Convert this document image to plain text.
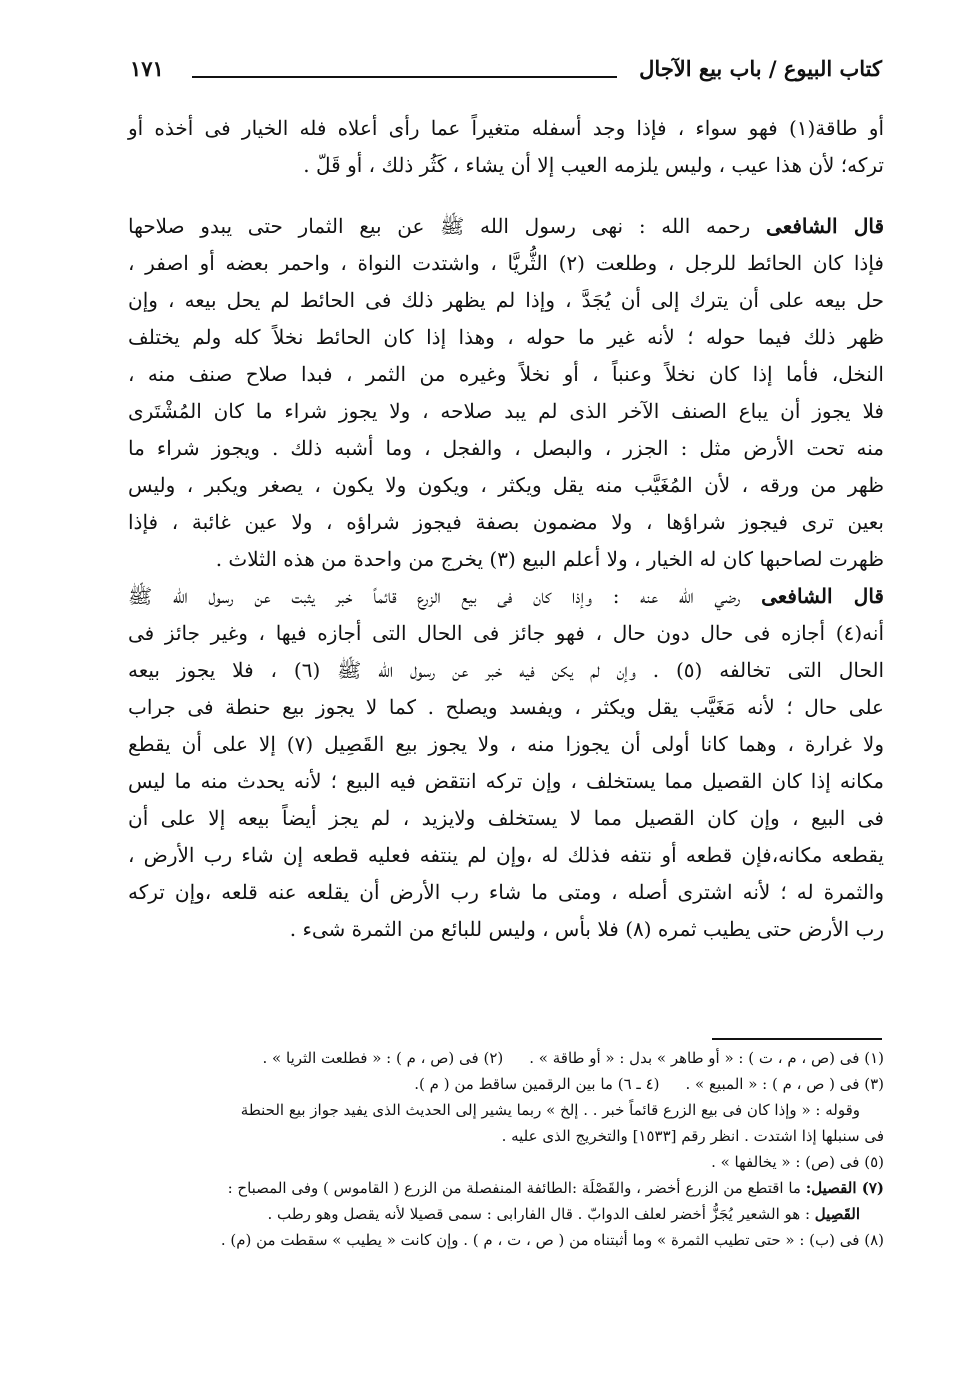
كتاب البيوع / باب بيع الآجال
١٧١

أو طاقة(١) فهو سواء ، فإذا وجد أسفله متغيراً عما رأى أعلاه فله الخيار فى أخذه أو
تركه؛ لأن هذا عيب ، وليس يلزمه العيب إلا أن يشاء ، كَثُر ذلك ، أو قَلّ .

قال الشافعى رحمه الله : نهى رسول الله ﷺ عن بيع الثمار حتى يبدو صلاحها
فإذا كان الحائط للرجل ، وطلعت (٢) الثُّريَّا ، واشتدت النواة ، واحمر بعضه أو اصفر ،
حل بيعه على أن يترك إلى أن يُجَدَّ ، وإذا لم يظهر ذلك فى الحائط لم يحل بيعه ، وإن
ظهر ذلك فيما حوله ؛ لأنه غير ما حوله ، وهذا إذا كان الحائط نخلاً كله ولم يختلف
النخل، فأما إذا كان نخلاً وعنباً ، أو نخلاً وغيره من الثمر ، فبدا صلاح صنف منه ،
فلا يجوز أن يباع الصنف الآخر الذى لم يبد صلاحه ، ولا يجوز شراء ما كان المُشْتَرى
منه تحت الأرض مثل : الجزر ، والبصل ، والفجل ، وما أشبه ذلك . ويجوز شراء ما
ظهر من ورقه ، لأن المُغَيَّب منه يقل ويكثر ، ويكون ولا يكون ، يصغر ويكبر ، وليس
بعين ترى فيجوز شراؤها ، ولا مضمون بصفة فيجوز شراؤه ، ولا عين غائبة ، فإذا
ظهرت لصاحبها كان له الخيار ، ولا أعلم البيع (٣) يخرج من واحدة من هذه الثلاث .

قال الشافعى رضي الله عنه : وإذا كان فى بيع الزرع قائماً خبر يثبت عن رسول الله ﷺ
أنه(٤) أجازه فى حال دون حال ، فهو جائز فى الحال التى أجازه فيها ، وغير جائز فى
الحال التى تخالفه (٥) . وإن لم يكن فيه خبر عن رسول الله ﷺ (٦) ، فلا يجوز بيعه
على حال ؛ لأنه مَغَيَّب يقل ويكثر ، ويفسد ويصلح . كما لا يجوز بيع حنطة فى جراب
ولا غرارة ، وهما كانا أولى أن يجوزا منه ، ولا يجوز بيع القَصِيل (٧) إلا على أن يقطع
مكانه إذا كان القصيل مما يستخلف ، وإن تركه انتقض فيه البيع ؛ لأنه يحدث منه ما ليس
فى البيع ، وإن كان القصيل مما لا يستخلف ولايزيد ، لم يجز أيضاً بيعه إلا على أن
يقطعه مكانه،فإن قطعه أو نتفه فذلك له ،وإن لم ينتفه فعليه قطعه إن شاء رب الأرض ،
والثمرة له ؛ لأنه اشترى أصله ، ومتى ما شاء رب الأرض أن يقلعه عنه قلعه ،وإن تركه
رب الأرض حتى يطيب ثمره (٨) فلا بأس ، وليس للبائع من الثمرة شىء .

(١) فى (ص ، م ، ت ) : « أو طاهر » بدل : « أو طاقة » .
(٢) فى (ص ، م ) : « فطلعت الثريا » .
(٣) فى ( ص ، م ) : « المبيع » .
(٤ ـ ٦) ما بين الرقمين ساقط من ( م ).
وقوله : « وإذا كان فى بيع الزرع قائماً خبر . . إلخ » ربما يشير إلى الحديث الذى يفيد جواز بيع الحنطة
فى سنبلها إذا اشتدت . انظر رقم [١٥٣٣] والتخريج الذى عليه .
(٥) فى (ص) : « يخالفها » .
(٧) القصيل: ما اقتطع من الزرع أخضر ، والقَصْلَة :الطائفة المنفصلة من الزرع ( القاموس ) وفى المصباح :
القَصِيل : هو الشعير يُجَزُّ أخضر لعلف الدوابّ . قال الفارابى : سمى قصيلا لأنه يقصل وهو رطب .
(٨) فى (ب) : « حتى تطيب الثمرة » وما أثبتناه من ( ص ، ت ، م ) . وإن كانت « يطيب » سقطت من (م) .
